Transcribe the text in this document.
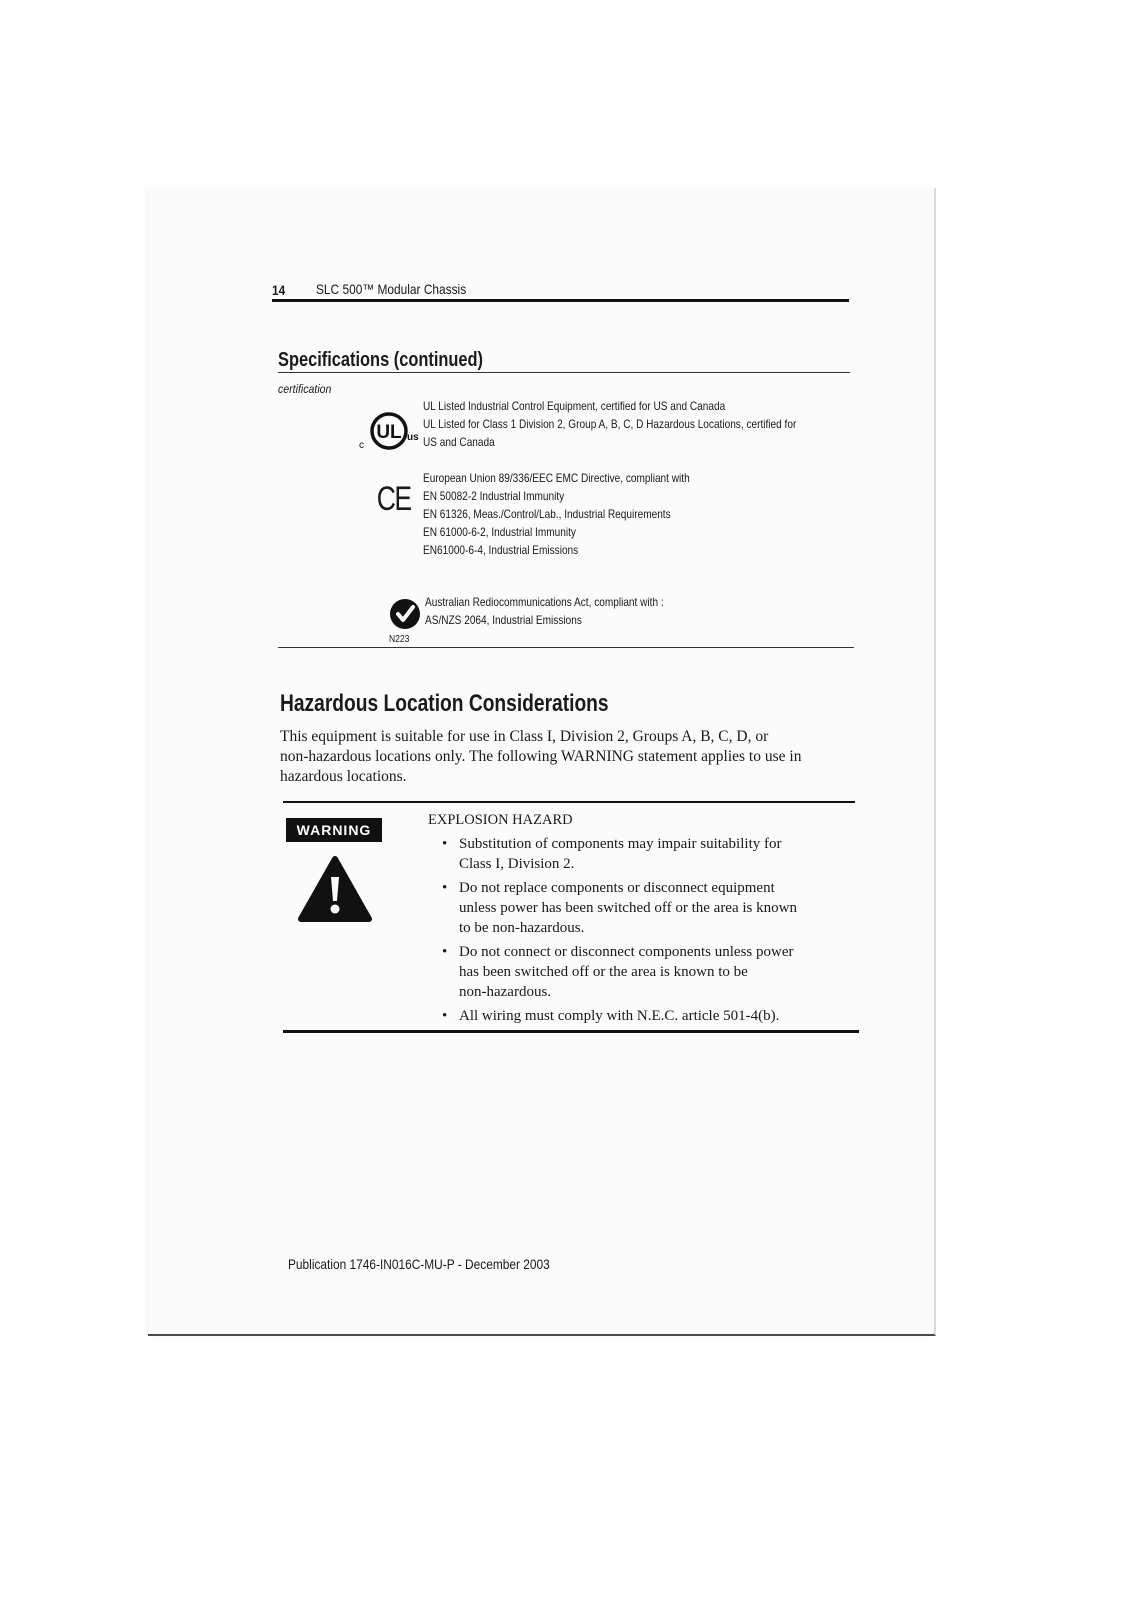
14 SLC 500™ Modular Chassis
Specifications (continued)
certification
UL
c
us
UL Listed Industrial Control Equipment, certified for US and Canada
UL Listed for Class 1 Division 2, Group A, B, C, D Hazardous Locations, certified for
US and Canada
CE
European Union 89/336/EEC EMC Directive, compliant with
EN 50082-2 Industrial Immunity
EN 61326, Meas./Control/Lab., Industrial Requirements
EN 61000-6-2, Industrial Immunity
EN61000-6-4, Industrial Emissions
N223
Australian Rediocommunications Act, compliant with :
AS/NZS 2064, Industrial Emissions
Hazardous Location Considerations

This equipment is suitable for use in Class I, Division 2, Groups A, B, C, D, or

non-hazardous locations only. The following WARNING statement applies to use in

hazardous locations.

WARNING
EXPLOSION HAZARD
• Substitution of components may impair suitability for
Class I, Division 2.
• Do not replace components or disconnect equipment
unless power has been switched off or the area is known
to be non-hazardous.
• Do not connect or disconnect components unless power
has been switched off or the area is known to be
non-hazardous.
• All wiring must comply with N.E.C. article 501-4(b).
Publication 1746-IN016C-MU-P - December 2003
